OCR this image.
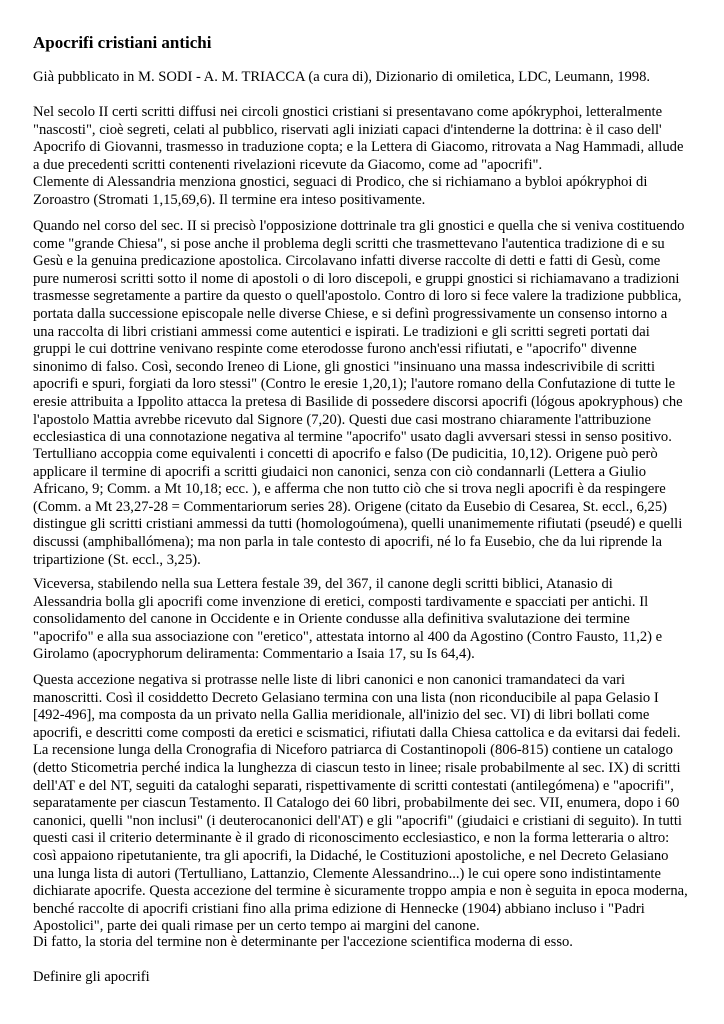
Apocrifi cristiani antichi
Già pubblicato in M. SODI - A. M. TRIACCA (a cura di), Dizionario di omiletica, LDC, Leumann, 1998.
Nel secolo II certi scritti diffusi nei circoli gnostici cristiani si presentavano come apókryphoi, letteralmente
"nascosti", cioè segreti, celati al pubblico, riservati agli iniziati capaci d'intenderne la dottrina: è il caso dell'
Apocrifo di Giovanni, trasmesso in traduzione copta; e la Lettera di Giacomo, ritrovata a Nag Hammadi, allude
a due precedenti scritti contenenti rivelazioni ricevute da Giacomo, come ad "apocrifi".
Clemente di Alessandria menziona gnostici, seguaci di Prodico, che si richiamano a bybloi apókryphoi di
Zoroastro (Stromati 1,15,69,6). Il termine era inteso positivamente.
Quando nel corso del sec. II si precisò l'opposizione dottrinale tra gli gnostici e quella che si veniva costituendo
come "grande Chiesa", si pose anche il problema degli scritti che trasmettevano l'autentica tradizione di e su
Gesù e la genuina predicazione apostolica. Circolavano infatti diverse raccolte di detti e fatti di Gesù, come
pure numerosi scritti sotto il nome di apostoli o di loro discepoli, e gruppi gnostici si richiamavano a tradizioni
trasmesse segretamente a partire da questo o quell'apostolo. Contro di loro si fece valere la tradizione pubblica,
portata dalla successione episcopale nelle diverse Chiese, e si definì progressivamente un consenso intorno a
una raccolta di libri cristiani ammessi come autentici e ispirati. Le tradizioni e gli scritti segreti portati dai
gruppi le cui dottrine venivano respinte come eterodosse furono anch'essi rifiutati, e "apocrifo" divenne
sinonimo di falso. Così, secondo Ireneo di Lione, gli gnostici "insinuano una massa indescrivibile di scritti
apocrifi e spuri, forgiati da loro stessi" (Contro le eresie 1,20,1); l'autore romano della Confutazione di tutte le
eresie attribuita a Ippolito attacca la pretesa di Basilide di possedere discorsi apocrifi (lógous apokryphous) che
l'apostolo Mattia avrebbe ricevuto dal Signore (7,20). Questi due casi mostrano chiaramente l'attribuzione
ecclesiastica di una connotazione negativa al termine "apocrifo" usato dagli avversari stessi in senso positivo.
Tertulliano accoppia come equivalenti i concetti di apocrifo e falso (De pudicitia, 10,12). Origene può però
applicare il termine di apocrifi a scritti giudaici non canonici, senza con ciò condannarli (Lettera a Giulio
Africano, 9; Comm. a Mt 10,18; ecc. ), e afferma che non tutto ciò che si trova negli apocrifi è da respingere
(Comm. a Mt 23,27-28 = Commentariorum series 28). Origene (citato da Eusebio di Cesarea, St. eccl., 6,25)
distingue gli scritti cristiani ammessi da tutti (homologoúmena), quelli unanimemente rifiutati (pseudé) e quelli
discussi (amphiballómena); ma non parla in tale contesto di apocrifi, né lo fa Eusebio, che da lui riprende la
tripartizione (St. eccl., 3,25).
Viceversa, stabilendo nella sua Lettera festale 39, del 367, il canone degli scritti biblici, Atanasio di
Alessandria bolla gli apocrifi come invenzione di eretici, composti tardivamente e spacciati per antichi. Il
consolidamento del canone in Occidente e in Oriente condusse alla definitiva svalutazione dei termine
"apocrifo" e alla sua associazione con "eretico", attestata intorno al 400 da Agostino (Contro Fausto, 11,2) e
Girolamo (apocryphorum deliramenta: Commentario a Isaia 17, su Is 64,4).
Questa accezione negativa si protrasse nelle liste di libri canonici e non canonici tramandateci da vari
manoscritti. Così il cosiddetto Decreto Gelasiano termina con una lista (non riconducibile al papa Gelasio I
[492-496], ma composta da un privato nella Gallia meridionale, all'inizio del sec. VI) di libri bollati come
apocrifi, e descritti come composti da eretici e scismatici, rifiutati dalla Chiesa cattolica e da evitarsi dai fedeli.
La recensione lunga della Cronografia di Niceforo patriarca di Costantinopoli (806-815) contiene un catalogo
(detto Sticometria perché indica la lunghezza di ciascun testo in linee; risale probabilmente al sec. IX) di scritti
dell'AT e del NT, seguiti da cataloghi separati, rispettivamente di scritti contestati (antilegómena) e "apocrifi",
separatamente per ciascun Testamento. Il Catalogo dei 60 libri, probabilmente dei sec. VII, enumera, dopo i 60
canonici, quelli "non inclusi" (i deuterocanonici dell'AT) e gli "apocrifi" (giudaici e cristiani di seguito). In tutti
questi casi il criterio determinante è il grado di riconoscimento ecclesiastico, e non la forma letteraria o altro:
così appaiono ripetutaniente, tra gli apocrifi, la Didaché, le Costituzioni apostoliche, e nel Decreto Gelasiano
una lunga lista di autori (Tertulliano, Lattanzio, Clemente Alessandrino...) le cui opere sono indistintamente
dichiarate apocrife. Questa accezione del termine è sicuramente troppo ampia e non è seguita in epoca moderna,
benché raccolte di apocrifi cristiani fino alla prima edizione di Hennecke (1904) abbiano incluso i "Padri
Apostolici", parte dei quali rimase per un certo tempo ai margini del canone.
Di fatto, la storia del termine non è determinante per l'accezione scientifica moderna di esso.
Definire gli apocrifi
